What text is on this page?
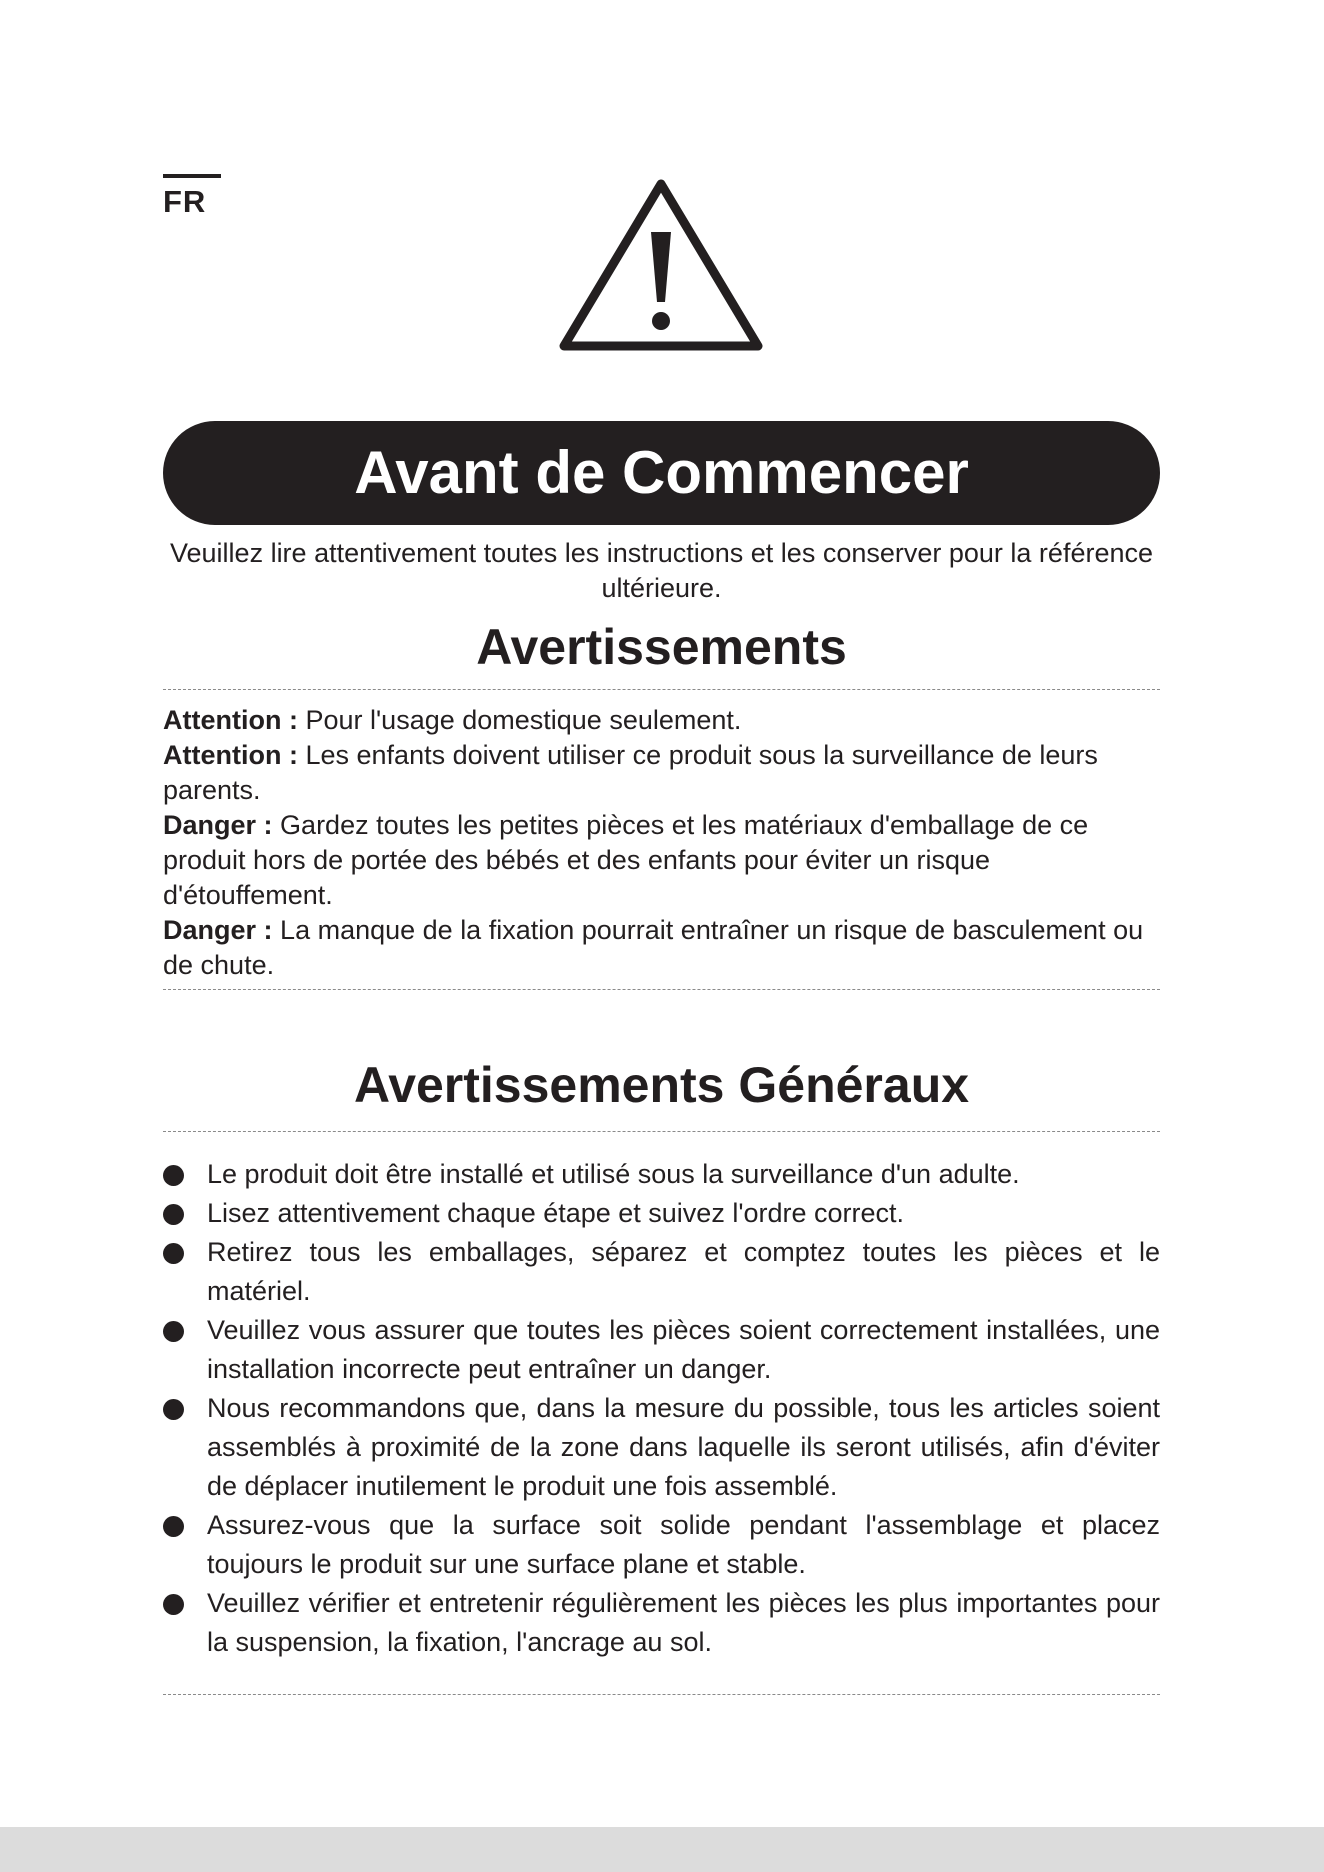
FR
Avant de Commencer
Veuillez lire attentivement toutes les instructions et les conserver pour la référence ultérieure.
Avertissements

Attention : Pour l'usage domestique seulement.

Attention : Les enfants doivent utiliser ce produit sous la surveillance de leurs parents.

Danger : Gardez toutes les petites pièces et les matériaux d'emballage de ce produit hors de portée des bébés et des enfants pour éviter un risque d'étouffement.

Danger : La manque de la fixation pourrait entraîner un risque de basculement ou de chute.

Avertissements Généraux
Le produit doit être installé et utilisé sous la surveillance d'un adulte.
Lisez attentivement chaque étape et suivez l'ordre correct.
Retirez tous les emballages, séparez et comptez toutes les pièces et le matériel.
Veuillez vous assurer que toutes les pièces soient correctement installées, une installation incorrecte peut entraîner un danger.
Nous recommandons que, dans la mesure du possible, tous les articles soient assemblés à proximité de la zone dans laquelle ils seront utilisés, afin d'éviter de déplacer inutilement le produit une fois assemblé.
Assurez-vous que la surface soit solide pendant l'assemblage et placez toujours le produit sur une surface plane et stable.
Veuillez vérifier et entretenir régulièrement les pièces les plus importantes pour la suspension, la fixation, l'ancrage au sol.
